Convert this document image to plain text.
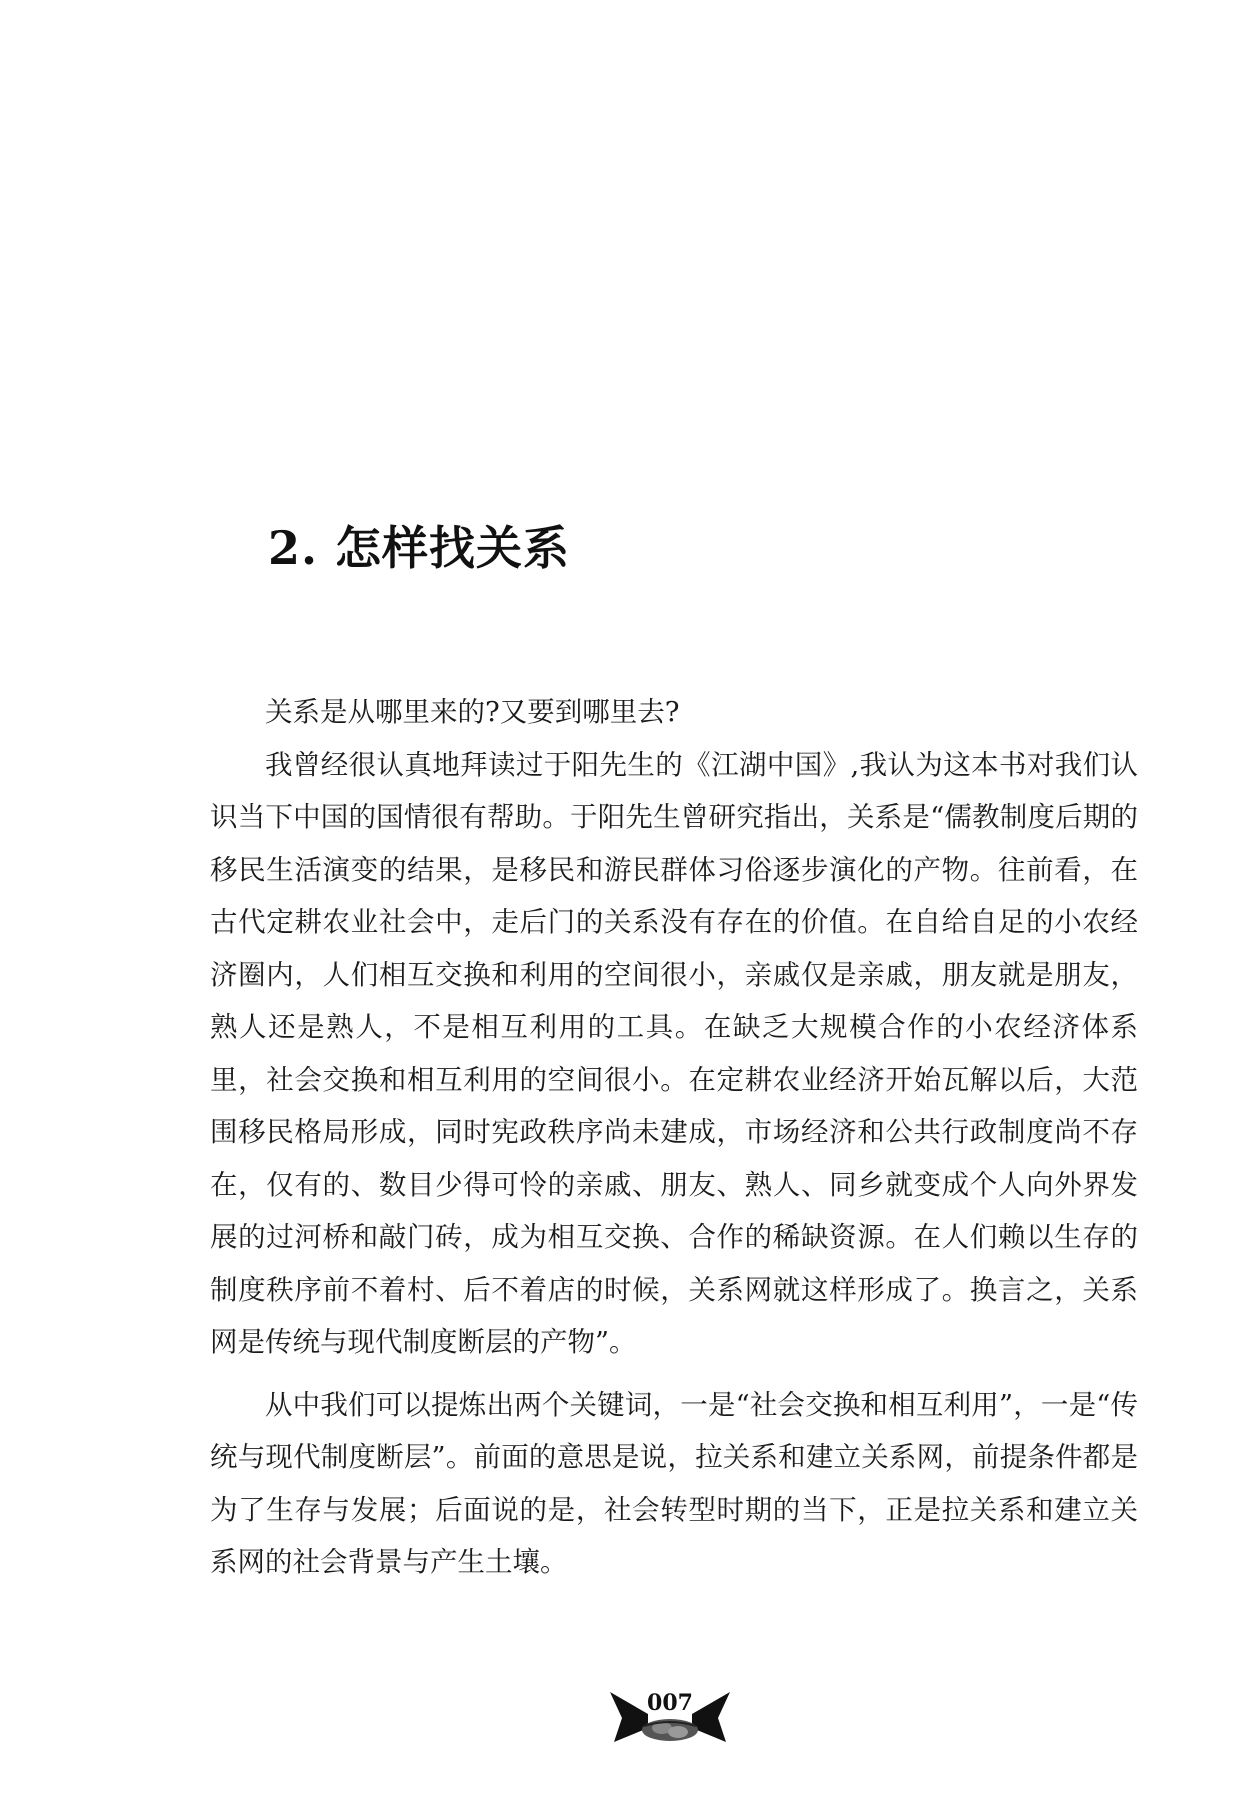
2. 怎样找关系

关系是从哪里来的?又要到哪里去?

我曾经很认真地拜读过于阳先生的《江湖中国》,我认为这本书对我们认识当下中国的国情很有帮助。于阳先生曾研究指出，关系是“儒教制度后期的移民生活演变的结果，是移民和游民群体习俗逐步演化的产物。往前看，在古代定耕农业社会中，走后门的关系没有存在的价值。在自给自足的小农经济圈内，人们相互交换和利用的空间很小，亲戚仅是亲戚，朋友就是朋友，熟人还是熟人，不是相互利用的工具。在缺乏大规模合作的小农经济体系里，社会交换和相互利用的空间很小。在定耕农业经济开始瓦解以后，大范围移民格局形成，同时宪政秩序尚未建成，市场经济和公共行政制度尚不存在，仅有的、数目少得可怜的亲戚、朋友、熟人、同乡就变成个人向外界发展的过河桥和敲门砖，成为相互交换、合作的稀缺资源。在人们赖以生存的制度秩序前不着村、后不着店的时候，关系网就这样形成了。换言之，关系网是传统与现代制度断层的产物”。

从中我们可以提炼出两个关键词，一是“社会交换和相互利用”，一是“传统与现代制度断层”。前面的意思是说，拉关系和建立关系网，前提条件都是为了生存与发展；后面说的是，社会转型时期的当下，正是拉关系和建立关系网的社会背景与产生土壤。

007
